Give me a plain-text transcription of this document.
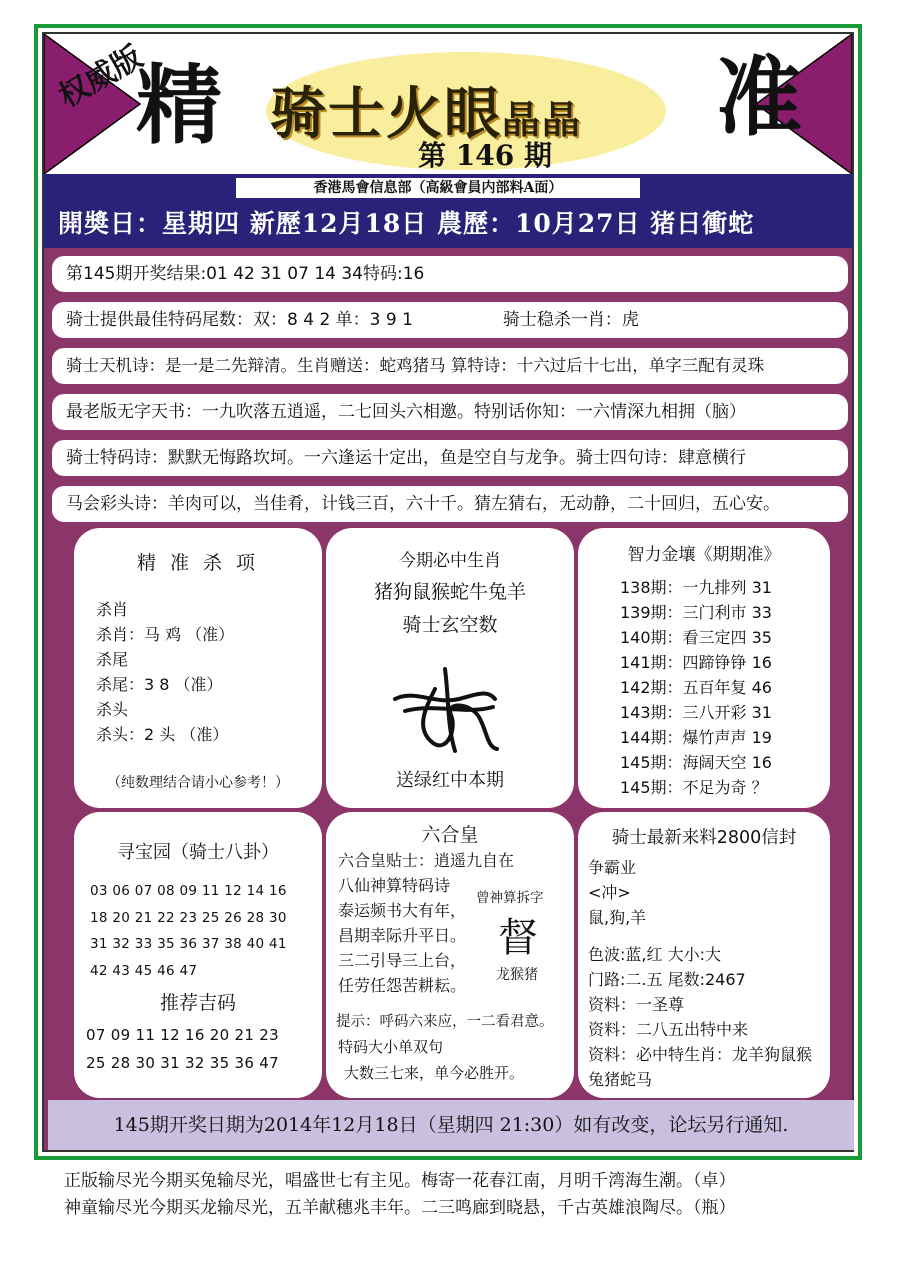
权威版
精	准
骑士火眼晶晶
第 146 期
香港馬會信息部（高級會員内部料A面）
開奬日：星期四 新歷12月18日 農歷：10月27日 猪日衝蛇
第145期开奖结果:01 42 31 07 14 34特码:16
骑士提供最佳特码尾数：双：8 4 2 单：3 9 1	骑士稳杀一肖：虎
骑士天机诗：是一是二先辩清。生肖赠送：蛇鸡猪马 算特诗：十六过后十七出，单字三配有灵珠
最老版无字天书：一九吹落五逍遥，二七回头六相邀。特别话你知：一六情深九相拥（脑）
骑士特码诗：默默无悔路坎坷。一六逢运十定出，鱼是空自与龙争。骑士四句诗：肆意横行
马会彩头诗：羊肉可以，当佳肴，计钱三百，六十千。猜左猜右，无动静，二十回归，五心安。
精 准 杀 项
杀肖
杀肖：马 鸡 （准）
杀尾
杀尾：3 8 （准）
杀头
杀头：2 头 （准）
（纯数理结合请小心参考！）
今期必中生肖
猪狗鼠猴蛇牛兔羊
骑士玄空数
送绿红中本期
智力金壤《期期准》
138期：一九排列 31
139期：三门利市 33
140期：看三定四 35
141期：四蹄铮铮 16
142期：五百年复 46
143期：三八开彩 31
144期：爆竹声声 19
145期：海阔天空 16
145期：不足为奇 ？
寻宝园（骑士八卦）
03 06 07 08 09 11 12 14 16
18 20 21 22 23 25 26 28 30
31 32 33 35 36 37 38 40 41
42 43 45 46 47
推荐吉码
07 09 11 12 16 20 21 23
25 28 30 31 32 35 36 47
六合皇
六合皇贴士：逍遥九自在
八仙神算特码诗
泰运频书大有年，
昌期幸际升平日。
三二引导三上台，
任劳任怨苦耕耘。
曾神算拆字
督
龙猴猪
提示：呼码六来应，一二看君意。
特码大小单双句
大数三七来，单今必胜开。
骑士最新来料2800信封
争霸业
<冲>
鼠,狗,羊
色波:蓝,红 大小:大
门路:二.五 尾数:2467
资料：一圣尊
资料：二八五出特中来
资料：必中特生肖：龙羊狗鼠猴
兔猪蛇马
145期开奖日期为2014年12月18日（星期四 21:30）如有改变，论坛另行通知.
正版输尽光今期买兔输尽光，唱盛世七有主见。梅寄一花春江南，月明千湾海生潮。（卓）
神童输尽光今期买龙输尽光，五羊献穗兆丰年。二三鸣廊到晓悬，千古英雄浪陶尽。（瓶）
